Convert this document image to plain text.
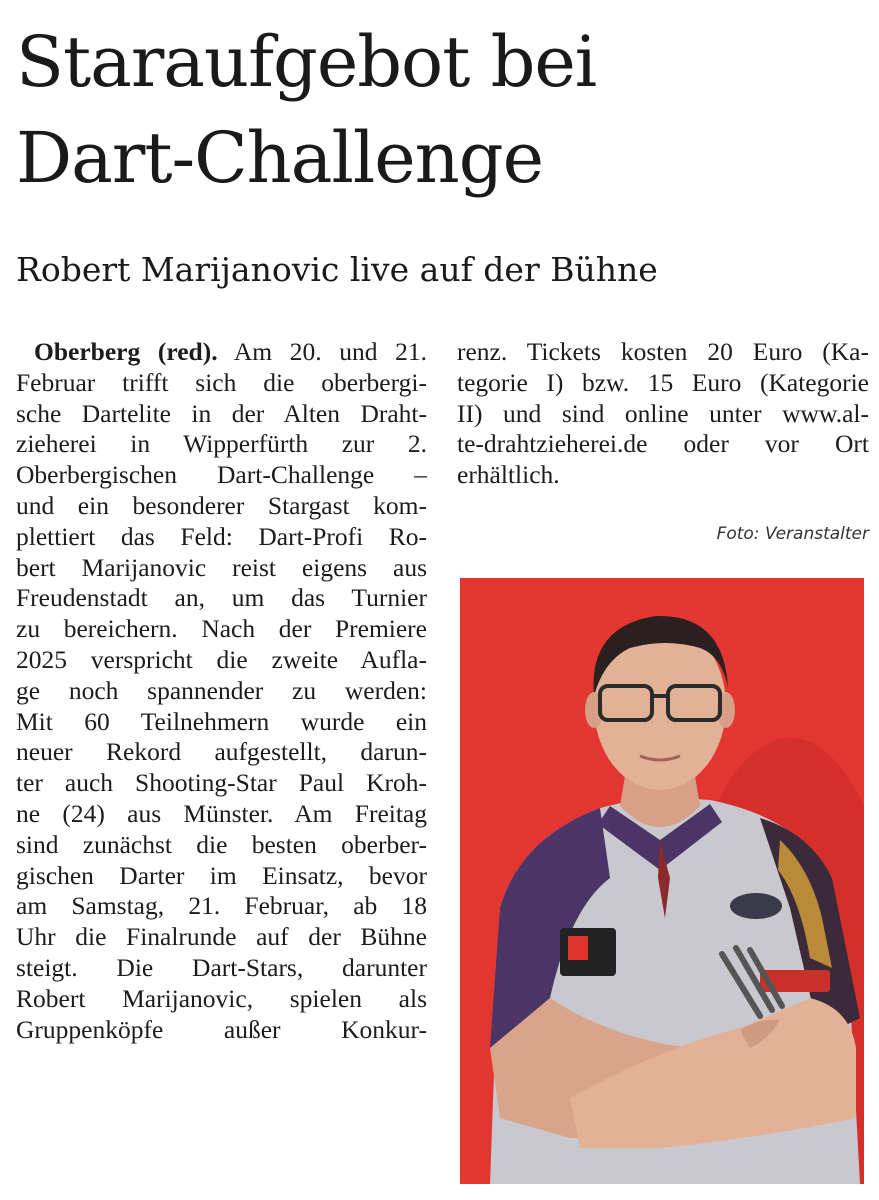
Staraufgebot bei
Dart-Challenge
Robert Marijanovic live auf der Bühne
Oberberg (red). Am 20. und 21.
Februar trifft sich die oberbergi-
sche Dartelite in der Alten Draht-
zieherei in Wipperfürth zur 2.
Oberbergischen Dart-Challenge –
und ein besonderer Stargast kom-
plettiert das Feld: Dart-Profi Ro-
bert Marijanovic reist eigens aus
Freudenstadt an, um das Turnier
zu bereichern. Nach der Premiere
2025 verspricht die zweite Aufla-
ge noch spannender zu werden:
Mit 60 Teilnehmern wurde ein
neuer Rekord aufgestellt, darun-
ter auch Shooting-Star Paul Kroh-
ne (24) aus Münster. Am Freitag
sind zunächst die besten oberber-
gischen Darter im Einsatz, bevor
am Samstag, 21. Februar, ab 18
Uhr die Finalrunde auf der Bühne
steigt. Die Dart-Stars, darunter
Robert Marijanovic, spielen als
Gruppenköpfe außer Konkur-
renz. Tickets kosten 20 Euro (Ka-
tegorie I) bzw. 15 Euro (Kategorie
II) und sind online unter www.al-
te-drahtzieherei.de oder vor Ort
erhältlich.
Foto: Veranstalter
